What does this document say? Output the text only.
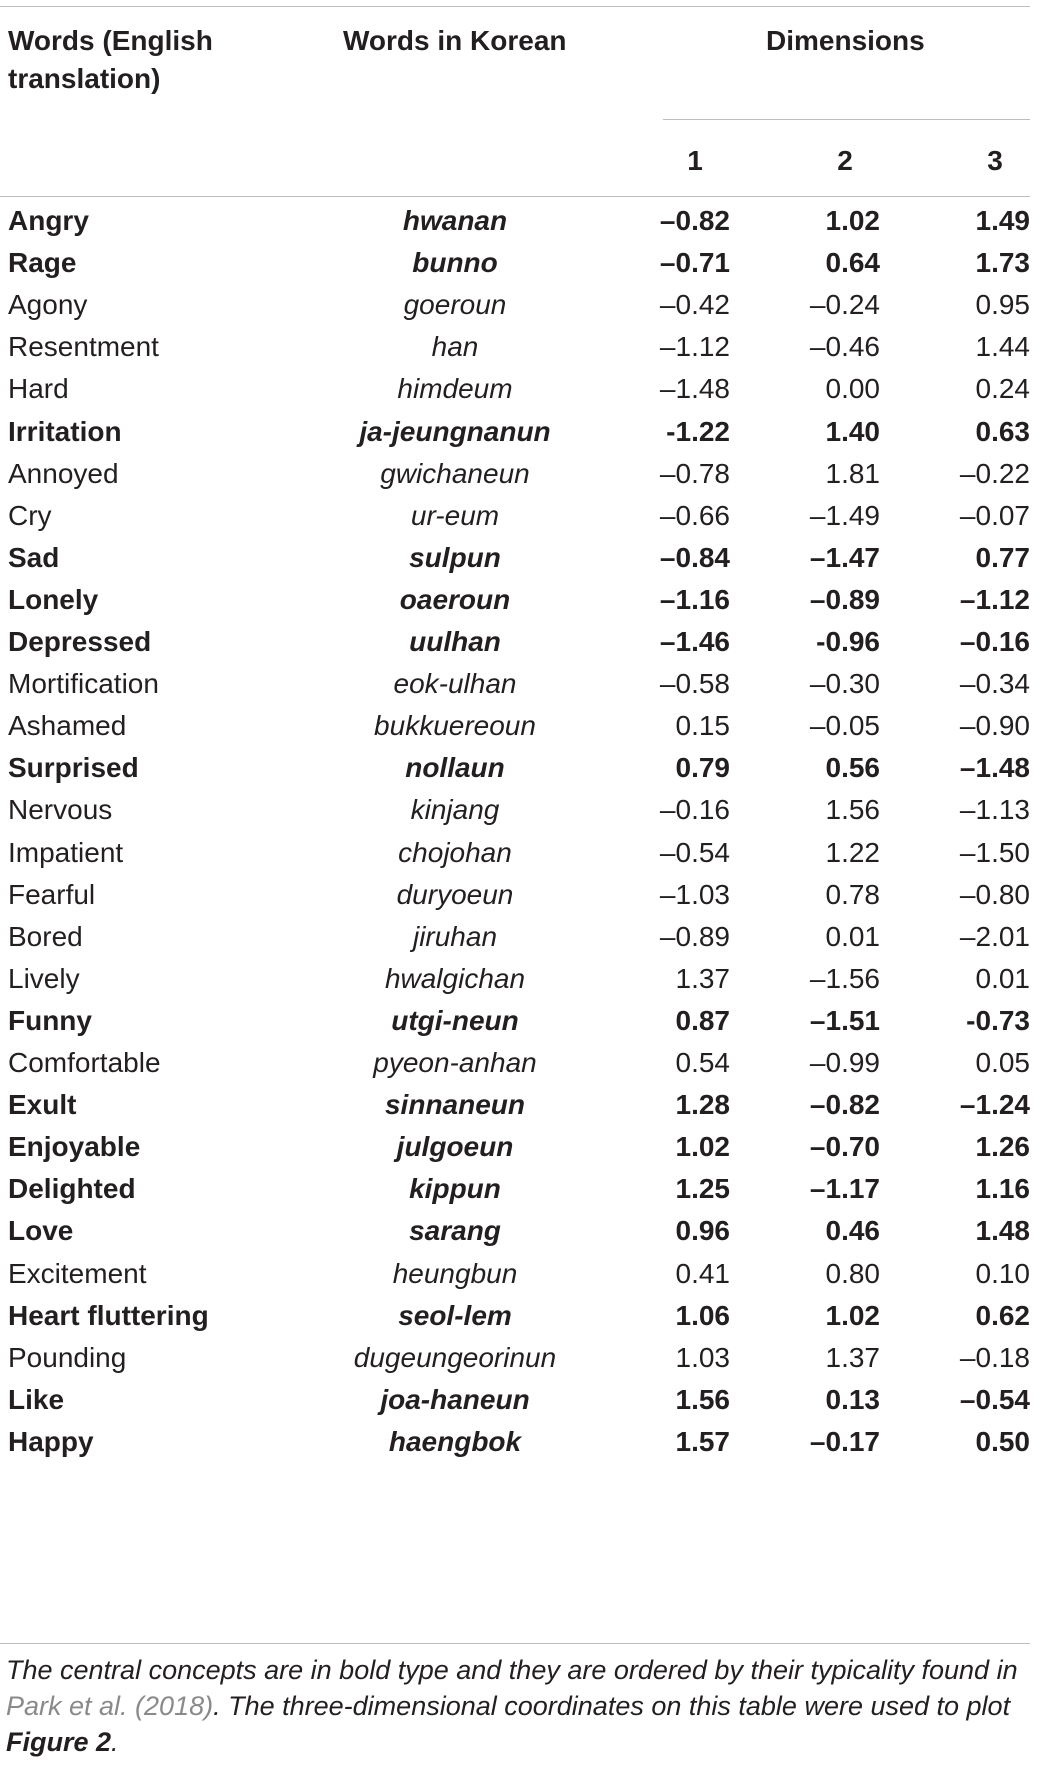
Words (English translation)
Words in Korean	Dimensions
1	2	3
Angry	hwanan	–0.82	1.02	1.49
Rage	bunno	–0.71	0.64	1.73
Agony	goeroun	–0.42	–0.24	0.95
Resentment	han	–1.12	–0.46	1.44
Hard	himdeum	–1.48	0.00	0.24
Irritation	ja-jeungnanun	-1.22	1.40	0.63
Annoyed	gwichaneun	–0.78	1.81	–0.22
Cry	ur-eum	–0.66	–1.49	–0.07
Sad	sulpun	–0.84	–1.47	0.77
Lonely	oaeroun	–1.16	–0.89	–1.12
Depressed	uulhan	–1.46	-0.96	–0.16
Mortification	eok-ulhan	–0.58	–0.30	–0.34
Ashamed	bukkuereoun	0.15	–0.05	–0.90
Surprised	nollaun	0.79	0.56	–1.48
Nervous	kinjang	–0.16	1.56	–1.13
Impatient	chojohan	–0.54	1.22	–1.50
Fearful	duryoeun	–1.03	0.78	–0.80
Bored	jiruhan	–0.89	0.01	–2.01
Lively	hwalgichan	1.37	–1.56	0.01
Funny	utgi-neun	0.87	–1.51	-0.73
Comfortable	pyeon-anhan	0.54	–0.99	0.05
Exult	sinnaneun	1.28	–0.82	–1.24
Enjoyable	julgoeun	1.02	–0.70	1.26
Delighted	kippun	1.25	–1.17	1.16
Love	sarang	0.96	0.46	1.48
Excitement	heungbun	0.41	0.80	0.10
Heart fluttering	seol-lem	1.06	1.02	0.62
Pounding	dugeungeorinun	1.03	1.37	–0.18
Like	joa-haneun	1.56	0.13	–0.54
Happy	haengbok	1.57	–0.17	0.50
The central concepts are in bold type and they are ordered by their typicality found in Park et al. (2018). The three-dimensional coordinates on this table were used to plot Figure 2.
